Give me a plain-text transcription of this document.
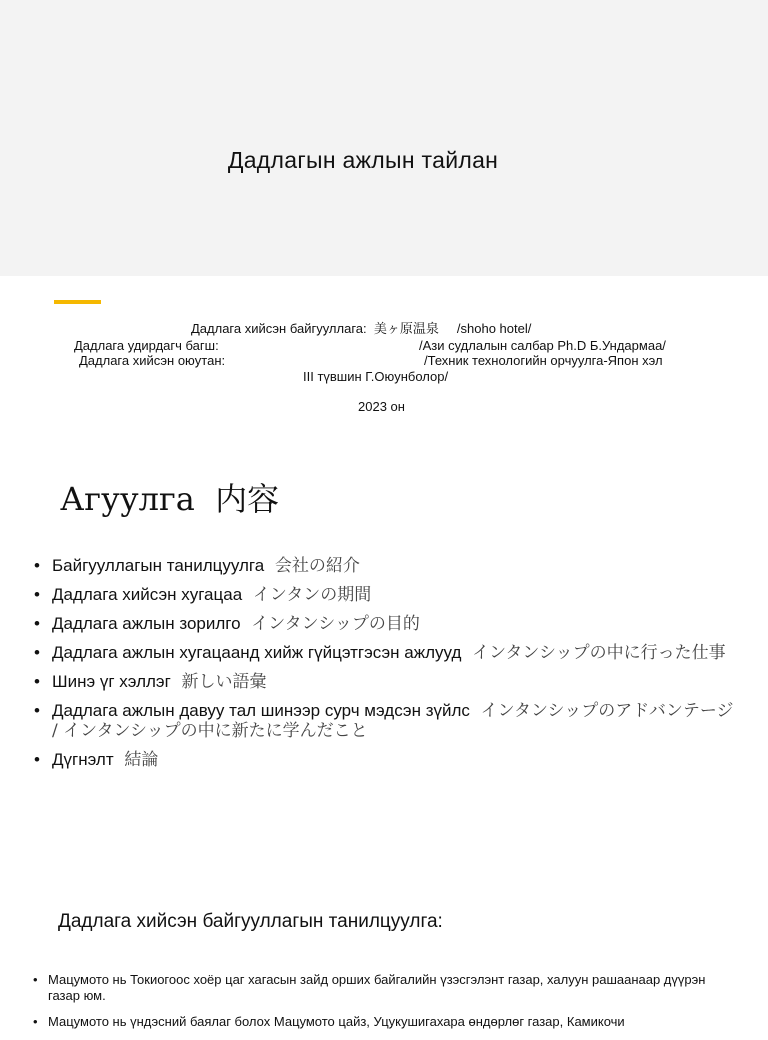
Дадлагын ажлын тайлан
Дадлага хийсэн байгууллага:  美ヶ原温泉     /shoho hotel/
Дадлага удирдагч багш:	/Ази судлалын салбар Ph.D Б.Ундармаа/
Дадлага хийсэн оюутан:	/Техник технологийн орчуулга-Япон хэл
III түвшин Г.Оюунболор/
2023 он
Агуулга  内容
• Байгууллагын танилцуулга 会社の紹介
• Дадлага хийсэн хугацаа インタンの期間
• Дадлага ажлын зорилго インタンシップの目的
• Дадлага ажлын хугацаанд хийж гүйцэтгэсэн ажлууд インタンシップの中に行った仕事
• Шинэ үг хэллэг 新しい語彙
• Дадлага ажлын давуу тал шинээр сурч мэдсэн зүйлс インタンシップのアドバンテージ / インタンシップの中に新たに学んだこと
• Дүгнэлт 結論
Дадлага хийсэн байгууллагын танилцуулга:
• Мацумото нь Токиогоос хоёр цаг хагасын зайд орших байгалийн үзэсгэлэнт газар, халуун рашаанаар дүүрэн газар юм.
• Мацумото нь үндэсний баялаг болох Мацумото цайз, Уцукушигахара өндөрлөг газар, Камикочи
